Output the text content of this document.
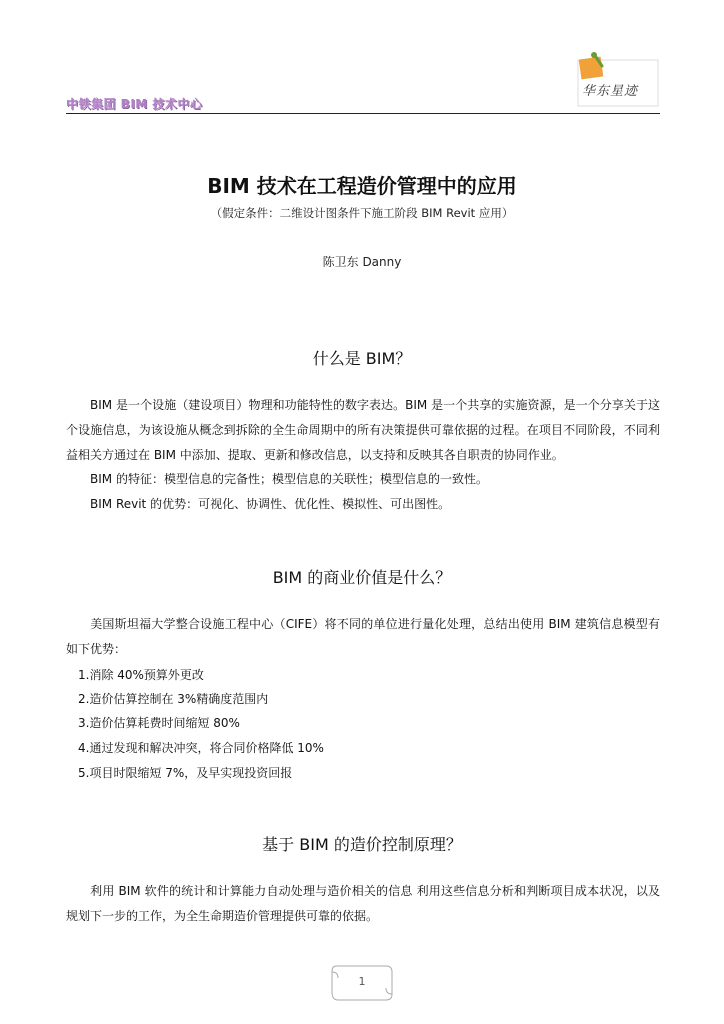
中铁集团 BIM 技术中心
华东星迹
BIM 技术在工程造价管理中的应用
（假定条件：二维设计图条件下施工阶段 BIM Revit 应用）
陈卫东 Danny
什么是 BIM？
BIM 是一个设施（建设项目）物理和功能特性的数字表达。BIM 是一个共享的实施资源，是一个分享关于这个设施信息，为该设施从概念到拆除的全生命周期中的所有决策提供可靠依据的过程。在项目不同阶段，不同利益相关方通过在 BIM 中添加、提取、更新和修改信息，以支持和反映其各自职责的协同作业。
BIM 的特征：模型信息的完备性；模型信息的关联性；模型信息的一致性。
BIM Revit 的优势：可视化、协调性、优化性、模拟性、可出图性。
BIM 的商业价值是什么？
美国斯坦福大学整合设施工程中心（CIFE）将不同的单位进行量化处理，总结出使用 BIM 建筑信息模型有如下优势：
1.消除 40%预算外更改
2.造价估算控制在 3%精确度范围内
3.造价估算耗费时间缩短 80%
4.通过发现和解决冲突，将合同价格降低 10%
5.项目时限缩短 7%，及早实现投资回报
基于 BIM 的造价控制原理？
利用 BIM 软件的统计和计算能力自动处理与造价相关的信息 利用这些信息分析和判断项目成本状况，以及规划下一步的工作，为全生命期造价管理提供可靠的依据。
1
